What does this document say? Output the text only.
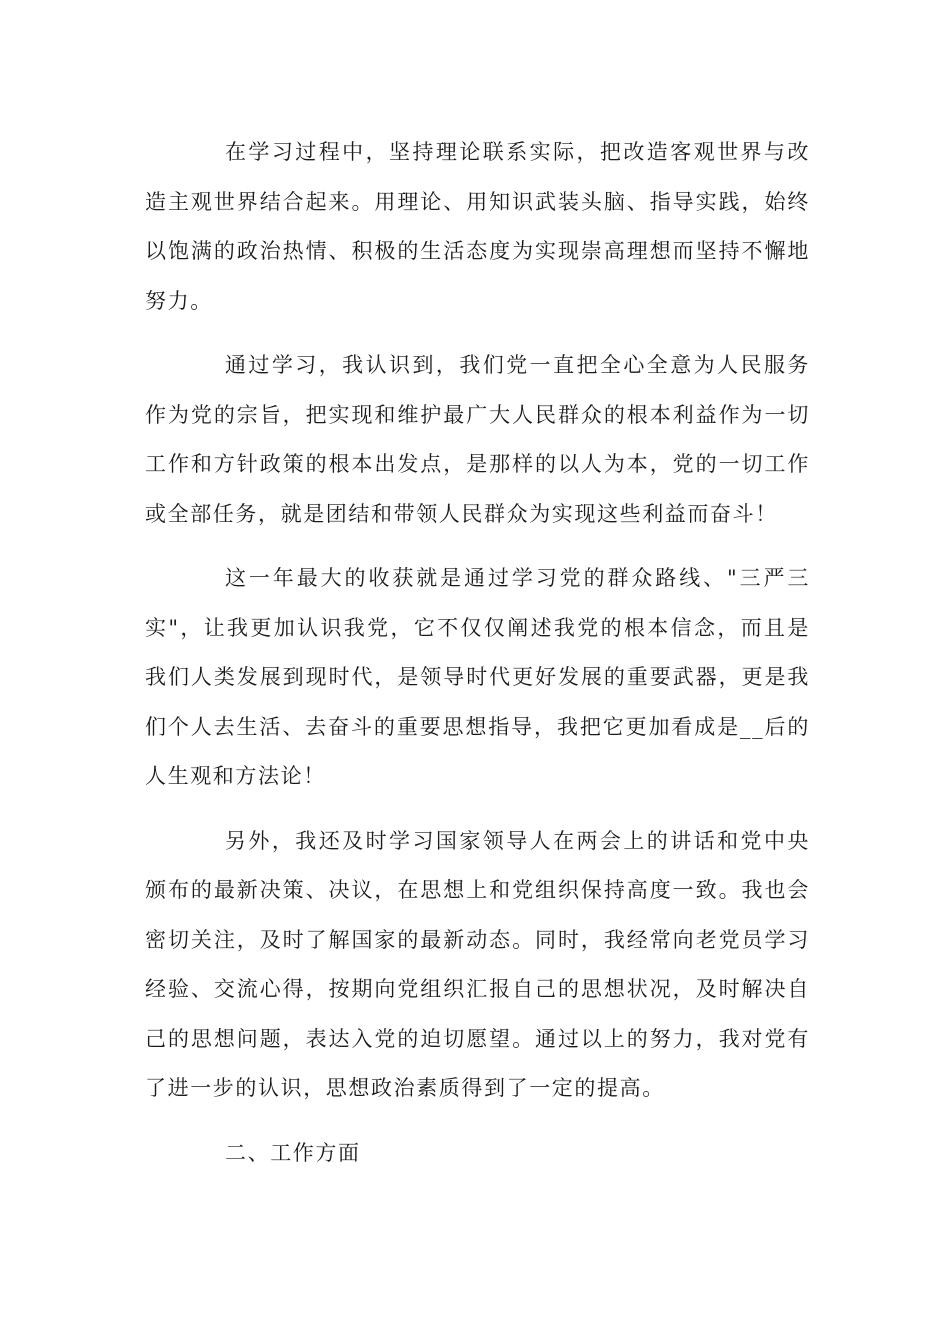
在学习过程中，坚持理论联系实际，把改造客观世界与改造主观世界结合起来。用理论、用知识武装头脑、指导实践，始终以饱满的政治热情、积极的生活态度为实现崇高理想而坚持不懈地努力。

通过学习，我认识到，我们党一直把全心全意为人民服务作为党的宗旨，把实现和维护最广大人民群众的根本利益作为一切工作和方针政策的根本出发点，是那样的以人为本，党的一切工作或全部任务，就是团结和带领人民群众为实现这些利益而奋斗！

这一年最大的收获就是通过学习党的群众路线、"三严三实"，让我更加认识我党，它不仅仅阐述我党的根本信念，而且是我们人类发展到现时代，是领导时代更好发展的重要武器，更是我们个人去生活、去奋斗的重要思想指导，我把它更加看成是__后的人生观和方法论！

另外，我还及时学习国家领导人在两会上的讲话和党中央颁布的最新决策、决议，在思想上和党组织保持高度一致。我也会密切关注，及时了解国家的最新动态。同时，我经常向老党员学习经验、交流心得，按期向党组织汇报自己的思想状况，及时解决自己的思想问题，表达入党的迫切愿望。通过以上的努力，我对党有了进一步的认识，思想政治素质得到了一定的提高。

二、工作方面
